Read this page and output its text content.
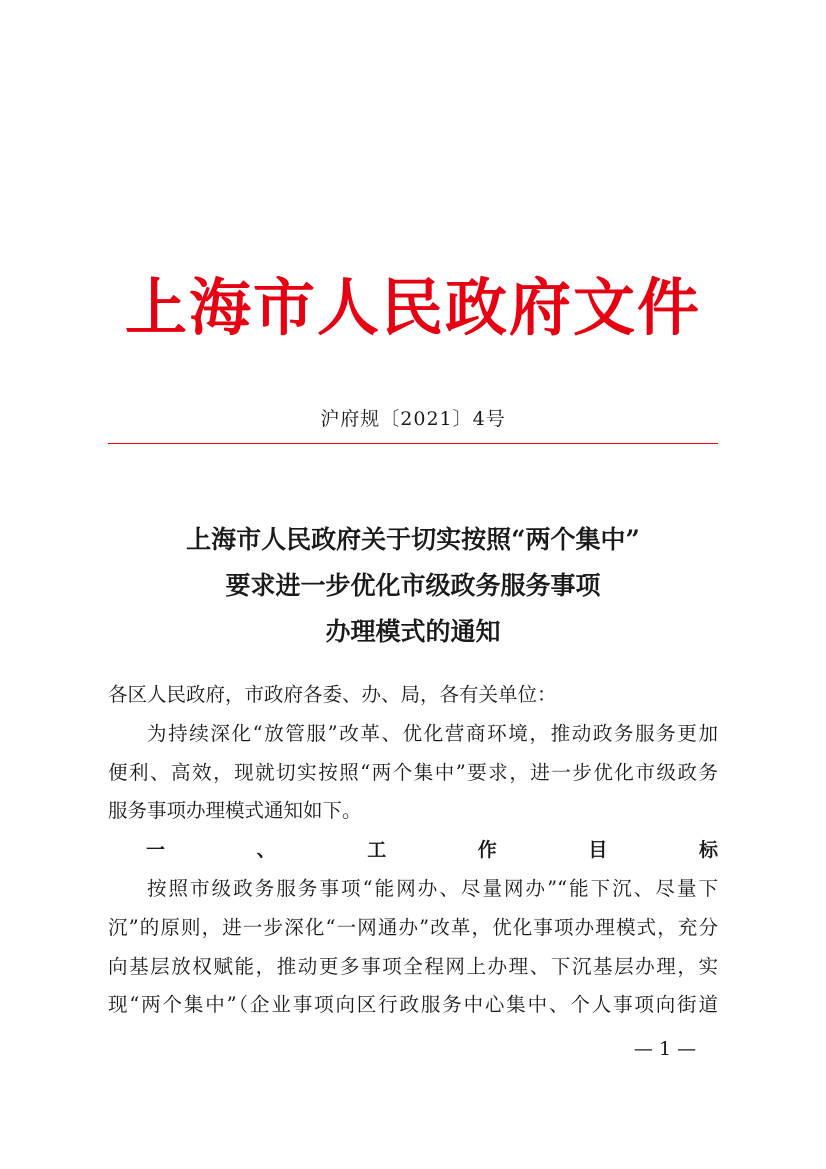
上海市人民政府文件
沪府规〔2021〕4号
上海市人民政府关于切实按照“两个集中”
要求进一步优化市级政务服务事项
办理模式的通知

各区人民政府，市政府各委、办、局，各有关单位：

为持续深化“放管服”改革、优化营商环境，推动政务服务更加

便利、高效，现就切实按照“两个集中”要求，进一步优化市级政务

服务事项办理模式通知如下。

一、工作目标

按照市级政务服务事项“能网办、尽量网办”“能下沉、尽量下

沉”的原则，进一步深化“一网通办”改革，优化事项办理模式，充分

向基层放权赋能，推动更多事项全程网上办理、下沉基层办理，实

现“两个集中”（企业事项向区行政服务中心集中、个人事项向街道

— 1 —
